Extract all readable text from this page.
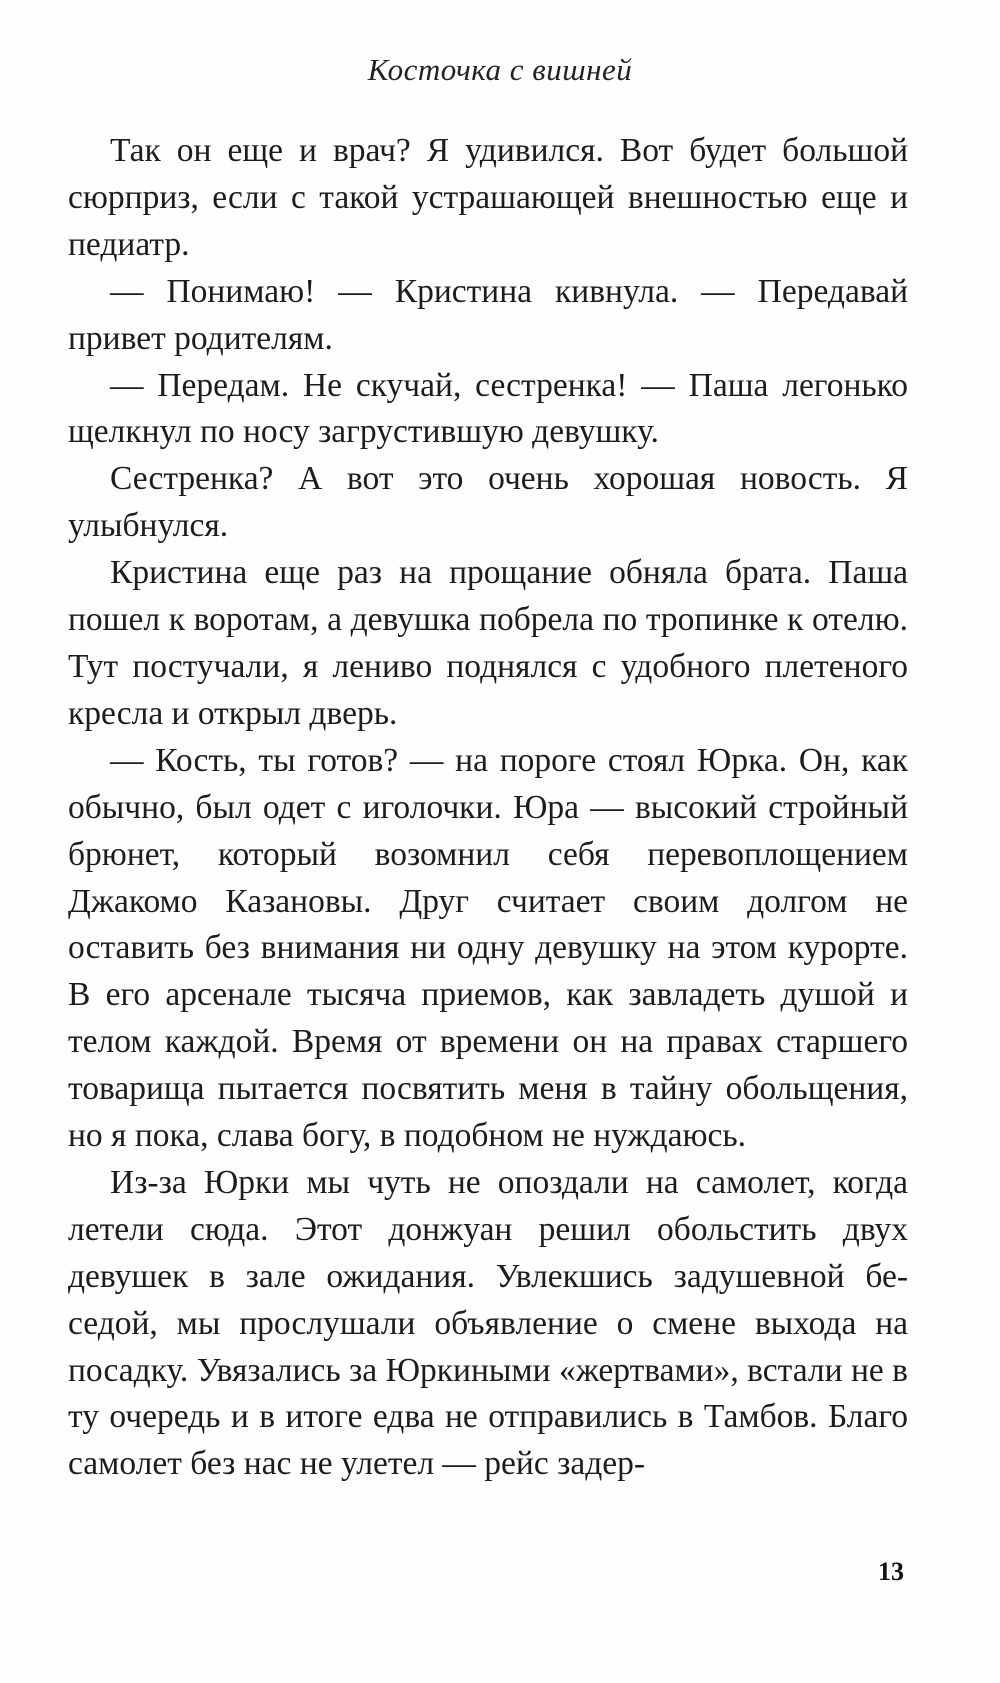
Косточка с вишней

Так он еще и врач? Я удивился. Вот будет большой сюрприз, если с такой устрашающей внешностью еще и педиатр.

— Понимаю! — Кристина кивнула. — Передавай привет родителям.

— Передам. Не скучай, сестренка! — Паша легонько щелкнул по носу загрустившую девушку.

Сестренка? А вот это очень хорошая новость. Я улыбнулся.

Кристина еще раз на прощание обняла брата. Паша пошел к воротам, а девушка побрела по тропинке к отелю. Тут постучали, я лениво поднялся с удобного плетеного кресла и открыл дверь.

— Кость, ты готов? — на пороге стоял Юрка. Он, как обычно, был одет с иголочки. Юра — высокий стройный брюнет, который возомнил себя перевоплощением Джакомо Казановы. Друг считает своим долгом не оставить без внимания ни одну девушку на этом курорте. В его арсенале тысяча приемов, как завладеть душой и телом каждой. Время от времени он на правах старшего товарища пытается посвятить меня в тайну обольщения, но я пока, слава богу, в подобном не нуждаюсь.

Из-за Юрки мы чуть не опоздали на самолет, когда летели сюда. Этот донжуан решил обольстить двух девушек в зале ожидания. Увлекшись задушевной беседой, мы прослушали объявление о смене выхода на посадку. Увязались за Юркиными «жертвами», встали не в ту очередь и в итоге едва не отправились в Тамбов. Благо самолет без нас не улетел — рейс задер-

13
